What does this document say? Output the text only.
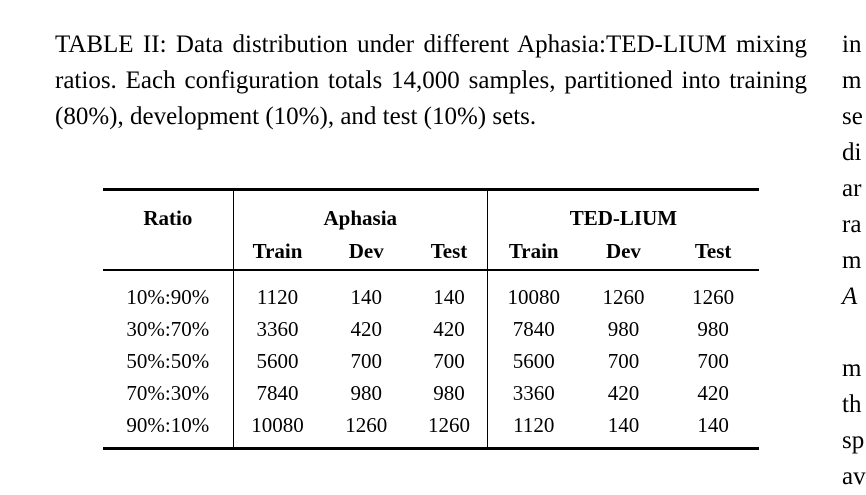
TABLE II: Data distribution under different Aphasia:TED-LIUM mixing ratios. Each configuration totals 14,000 samples, partitioned into training (80%), development (10%), and test (10%) sets.

Ratio	Aphasia			TED-LIUM		
	Train	Dev	Test	Train	Dev	Test
10%:90%	1120	140	140	10080	1260	1260
30%:70%	3360	420	420	7840	980	980
50%:50%	5600	700	700	5600	700	700
70%:30%	7840	980	980	3360	420	420
90%:10%	10080	1260	1260	1120	140	140
in
m
se
di
ar
ra
m
A
m
th
sp
av
